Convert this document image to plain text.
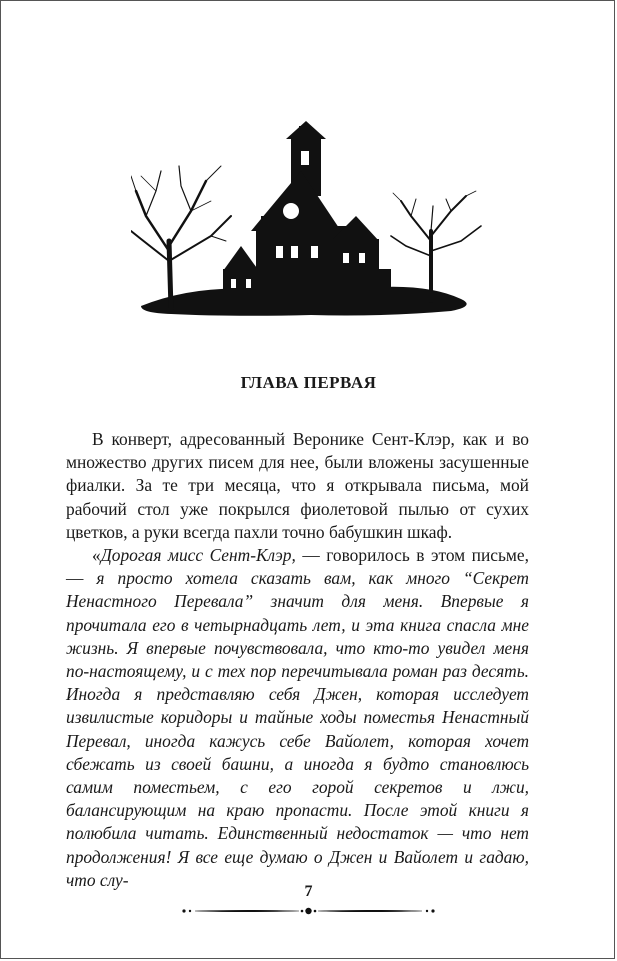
ГЛАВА ПЕРВАЯ

В конверт, адресованный Веронике Сент-Клэр, как и во множество других писем для нее, были вложены засушенные фиалки. За те три месяца, что я открывала письма, мой рабочий стол уже покрылся фиолетовой пылью от сухих цветков, а руки всегда пахли точно бабушкин шкаф.

«Дорогая мисс Сент-Клэр, — говорилось в этом письме, — я просто хотела сказать вам, как много “Секрет Ненастного Перевала” значит для меня. Впервые я прочитала его в четырнадцать лет, и эта книга спасла мне жизнь. Я впервые почувствовала, что кто-то увидел меня по-настоящему, и с тех пор перечитывала роман раз десять. Иногда я представляю себя Джен, которая исследует извилистые коридоры и тайные ходы поместья Ненастный Перевал, иногда кажусь себе Вайолет, которая хочет сбежать из своей башни, а иногда я будто становлюсь самим поместьем, с его горой секретов и лжи, балансирующим на краю пропасти. После этой книги я полюбила читать. Единственный недостаток — что нет продолжения! Я все еще думаю о Джен и Вайолет и гадаю, что слу-

7
